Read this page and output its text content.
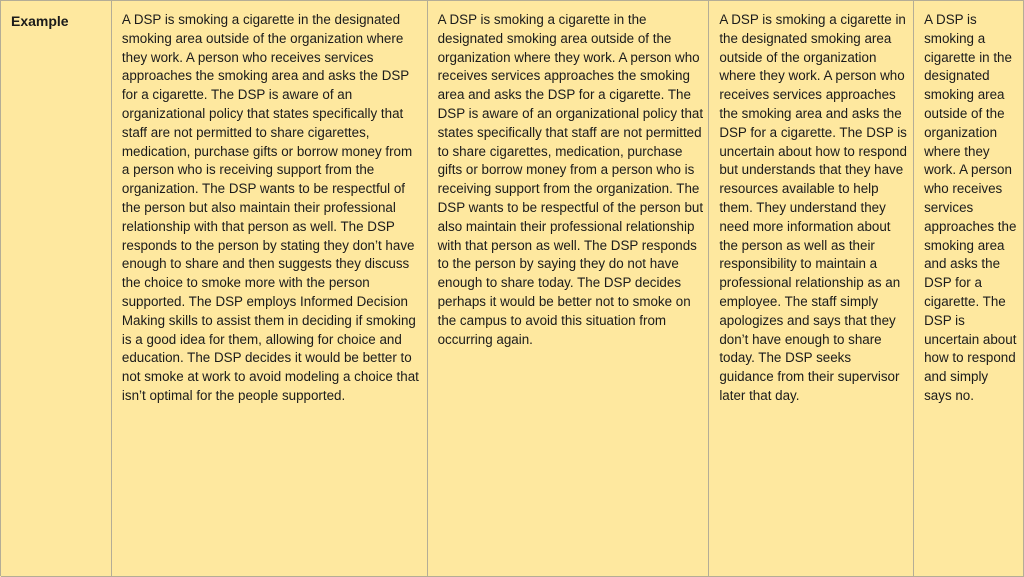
Example	A DSP is smoking a cigarette in the designated smoking area outside of the organization where they work. A person who receives services approaches the smoking area and asks the DSP for a cigarette. The DSP is aware of an organizational policy that states specifically that staff are not permitted to share cigarettes, medication, purchase gifts or borrow money from a person who is receiving support from the organization. The DSP wants to be respectful of the person but also maintain their professional relationship with that person as well. The DSP responds to the person by stating they don’t have enough to share and then suggests they discuss the choice to smoke more with the person supported. The DSP employs Informed Decision Making skills to assist them in deciding if smoking is a good idea for them, allowing for choice and education. The DSP decides it would be better to not smoke at work to avoid modeling a choice that isn’t optimal for the people supported.
A DSP is smoking a cigarette in the designated smoking area outside of the organization where they work. A person who receives services approaches the smoking area and asks the DSP for a cigarette. The DSP is aware of an organizational policy that states specifically that staff are not permitted to share cigarettes, medication, purchase gifts or borrow money from a person who is receiving support from the organization. The DSP wants to be respectful of the person but also maintain their professional relationship with that person as well. The DSP responds to the person by saying they do not have enough to share today. The DSP decides perhaps it would be better not to smoke on the campus to avoid this situation from occurring again.
A DSP is smoking a cigarette in the designated smoking area outside of the organization where they work. A person who receives services approaches the smoking area and asks the DSP for a cigarette. The DSP is uncertain about how to respond but understands that they have resources available to help them. They understand they need more information about the person as well as their responsibility to maintain a professional relationship as an employee. The staff simply apologizes and says that they don’t have enough to share today. The DSP seeks guidance from their supervisor later that day.
A DSP is smoking a cigarette in the designated smoking area outside of the organization where they work. A person who receives services approaches the smoking area and asks the DSP for a cigarette. The DSP is uncertain about how to respond and simply says no.
